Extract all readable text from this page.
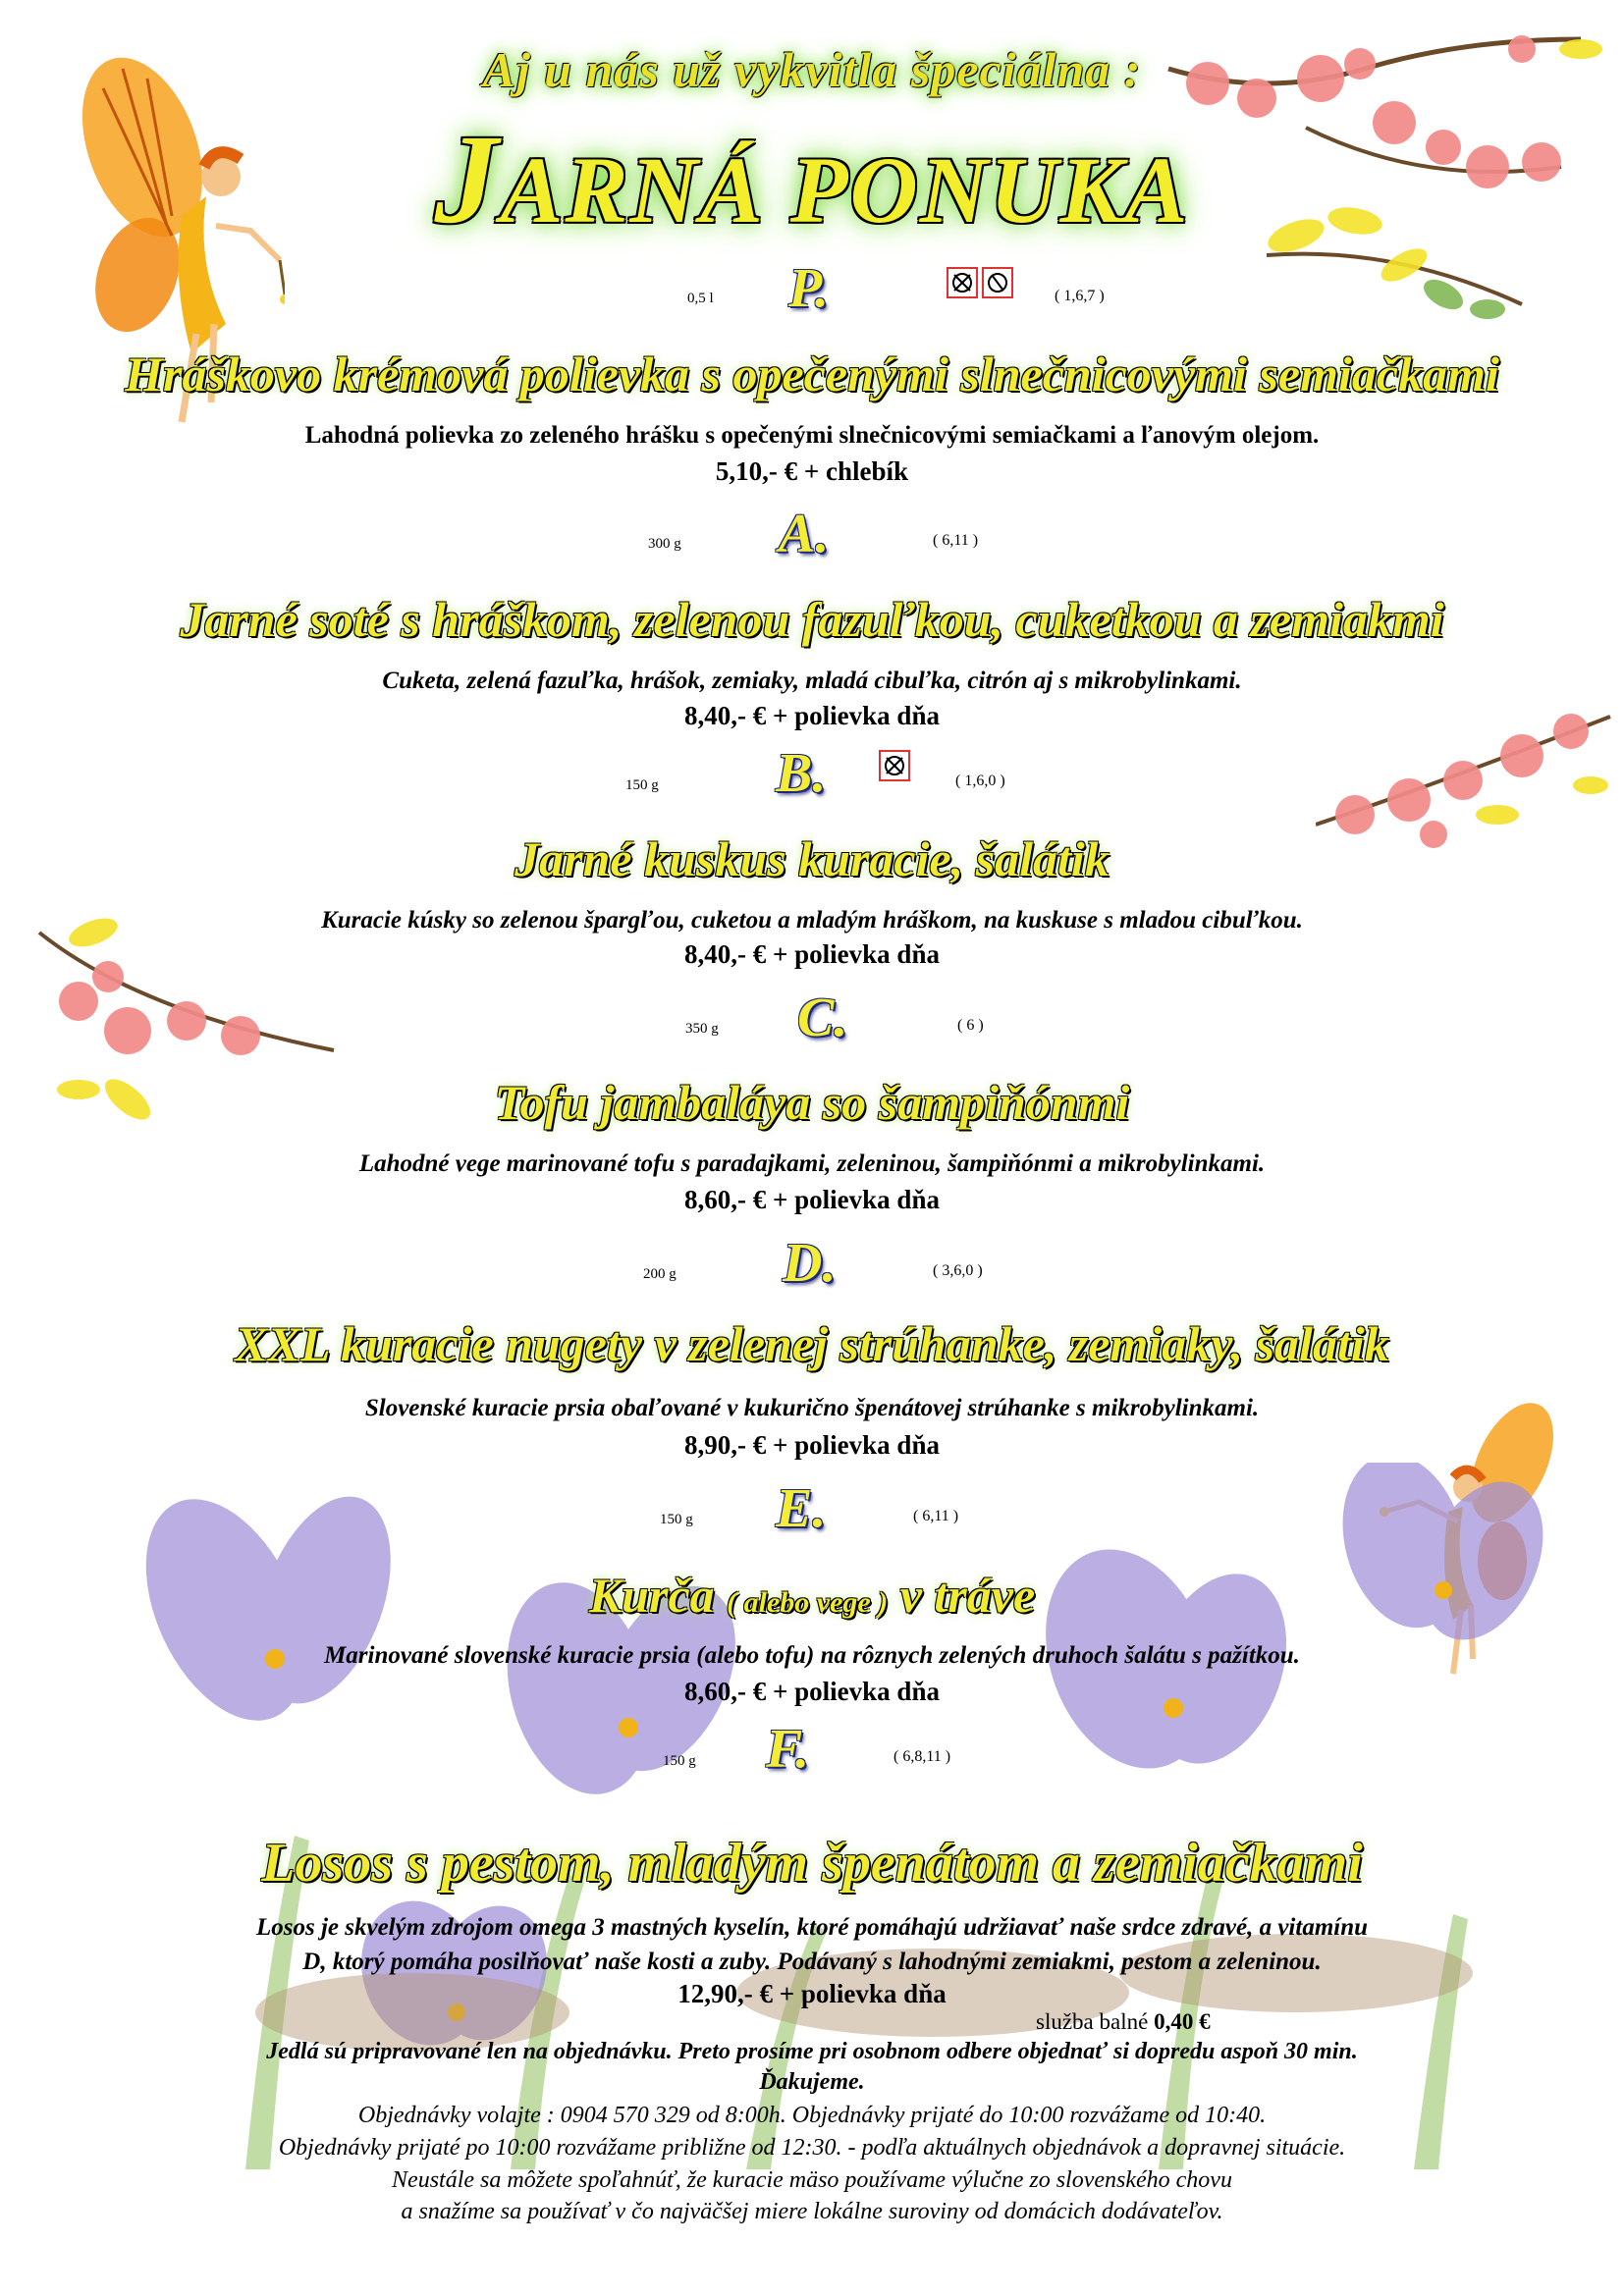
Aj u nás už vykvitla špeciálna :
JARNÁ PONUKA
0,5 l P.	( 1,6,7 )
Hráškovo krémová polievka s opečenými slnečnicovými semiačkami
Lahodná polievka zo zeleného hrášku s opečenými slnečnicovými semiačkami a ľanovým olejom.
5,10,- € + chlebík
300 g A.	( 6,11 )
Jarné soté s hráškom, zelenou fazuľkou, cuketkou a zemiakmi
Cuketa, zelená fazuľka, hrášok, zemiaky, mladá cibuľka, citrón aj s mikrobylinkami.
8,40,- € + polievka dňa
150 g B.	( 1,6,0 )
Jarné kuskus kuracie, šalátik
Kuracie kúsky so zelenou špargľou, cuketou a mladým hráškom, na kuskuse s mladou cibuľkou.
8,40,- € + polievka dňa
350 g C.	( 6 )
Tofu jambaláya so šampiňónmi
Lahodné vege marinované tofu s paradajkami, zeleninou, šampiňónmi a mikrobylinkami.
8,60,- € + polievka dňa
200 g D.	( 3,6,0 )
XXL kuracie nugety v zelenej strúhanke, zemiaky, šalátik
Slovenské kuracie prsia obaľované v kukurično špenátovej strúhanke s mikrobylinkami.
8,90,- € + polievka dňa
150 g E.	( 6,11 )
Kurča ( alebo vege ) v tráve
Marinované slovenské kuracie prsia (alebo tofu) na rôznych zelených druhoch šalátu s pažítkou.
8,60,- € + polievka dňa
150 g F.	( 6,8,11 )
Losos s pestom, mladým špenátom a zemiačkami
Losos je skvelým zdrojom omega 3 mastných kyselín, ktoré pomáhajú udržiavať naše srdce zdravé, a vitamínu
D, ktorý pomáha posilňovať naše kosti a zuby. Podávaný s lahodnými zemiakmi, pestom a zeleninou.
12,90,- € + polievka dňa
služba balné 0,40 €
Jedlá sú pripravované len na objednávku. Preto prosíme pri osobnom odbere objednať si dopredu aspoň 30 min.
Ďakujeme.
Objednávky volajte : 0904 570 329 od 8:00h. Objednávky prijaté do 10:00 rozvážame od 10:40.
Objednávky prijaté po 10:00 rozvážame približne od 12:30. - podľa aktuálnych objednávok a dopravnej situácie.
Neustále sa môžete spoľahnúť, že kuracie mäso používame výlučne zo slovenského chovu
a snažíme sa používať v čo najväčšej miere lokálne suroviny od domácich dodávateľov.
